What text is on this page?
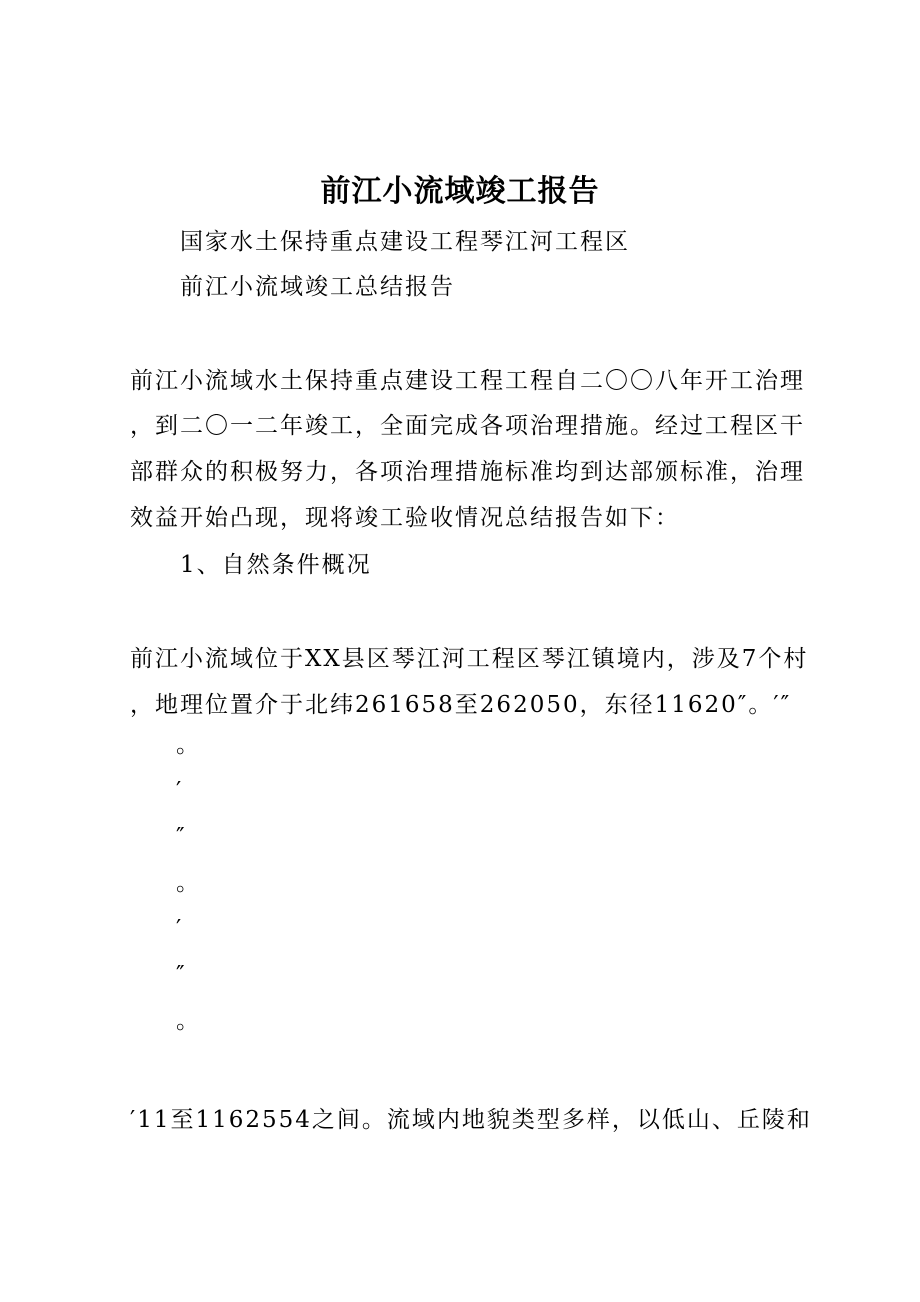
前江小流域竣工报告
国家水土保持重点建设工程琴江河工程区
前江小流域竣工总结报告
前江小流域水土保持重点建设工程工程自二〇〇八年开工治理
，到二〇一二年竣工，全面完成各项治理措施。经过工程区干
部群众的积极努力，各项治理措施标准均到达部颁标准，治理
效益开始凸现，现将竣工验收情况总结报告如下：
1、自然条件概况
前江小流域位于XX县区琴江河工程区琴江镇境内，涉及7个村
，地理位置介于北纬261658至262050，东径11620″。′″
。
′
″
。
′
″
。
′11至1162554之间。流域内地貌类型多样，以低山、丘陵和
